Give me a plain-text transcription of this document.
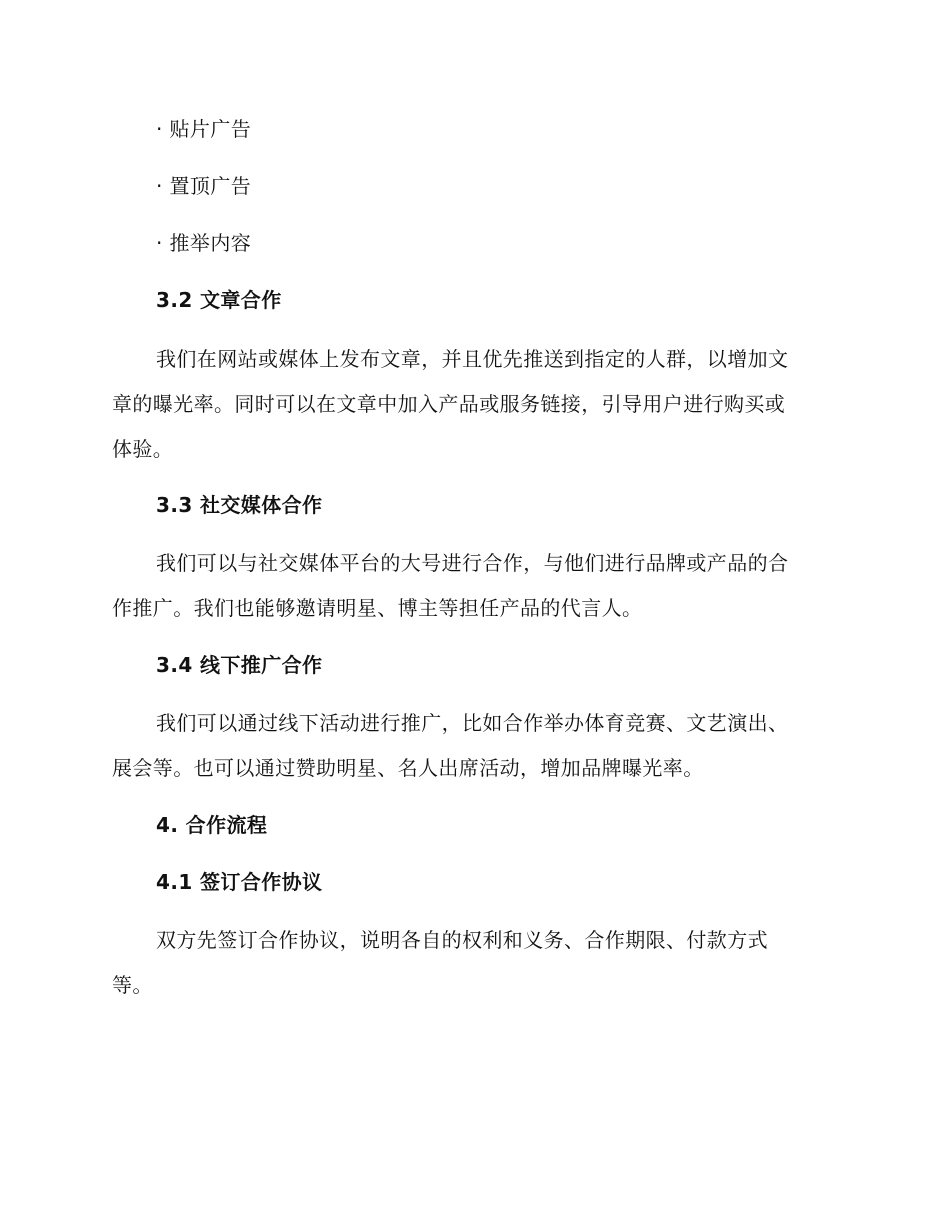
· 贴片广告
· 置顶广告
· 推举内容
3.2 文章合作
我们在网站或媒体上发布文章，并且优先推送到指定的人群，以增加文
章的曝光率。同时可以在文章中加入产品或服务链接，引导用户进行购买或
体验。
3.3 社交媒体合作
我们可以与社交媒体平台的大号进行合作，与他们进行品牌或产品的合
作推广。我们也能够邀请明星、博主等担任产品的代言人。
3.4 线下推广合作
我们可以通过线下活动进行推广，比如合作举办体育竞赛、文艺演出、
展会等。也可以通过赞助明星、名人出席活动，增加品牌曝光率。
4. 合作流程
4.1 签订合作协议
双方先签订合作协议，说明各自的权利和义务、合作期限、付款方式
等。
